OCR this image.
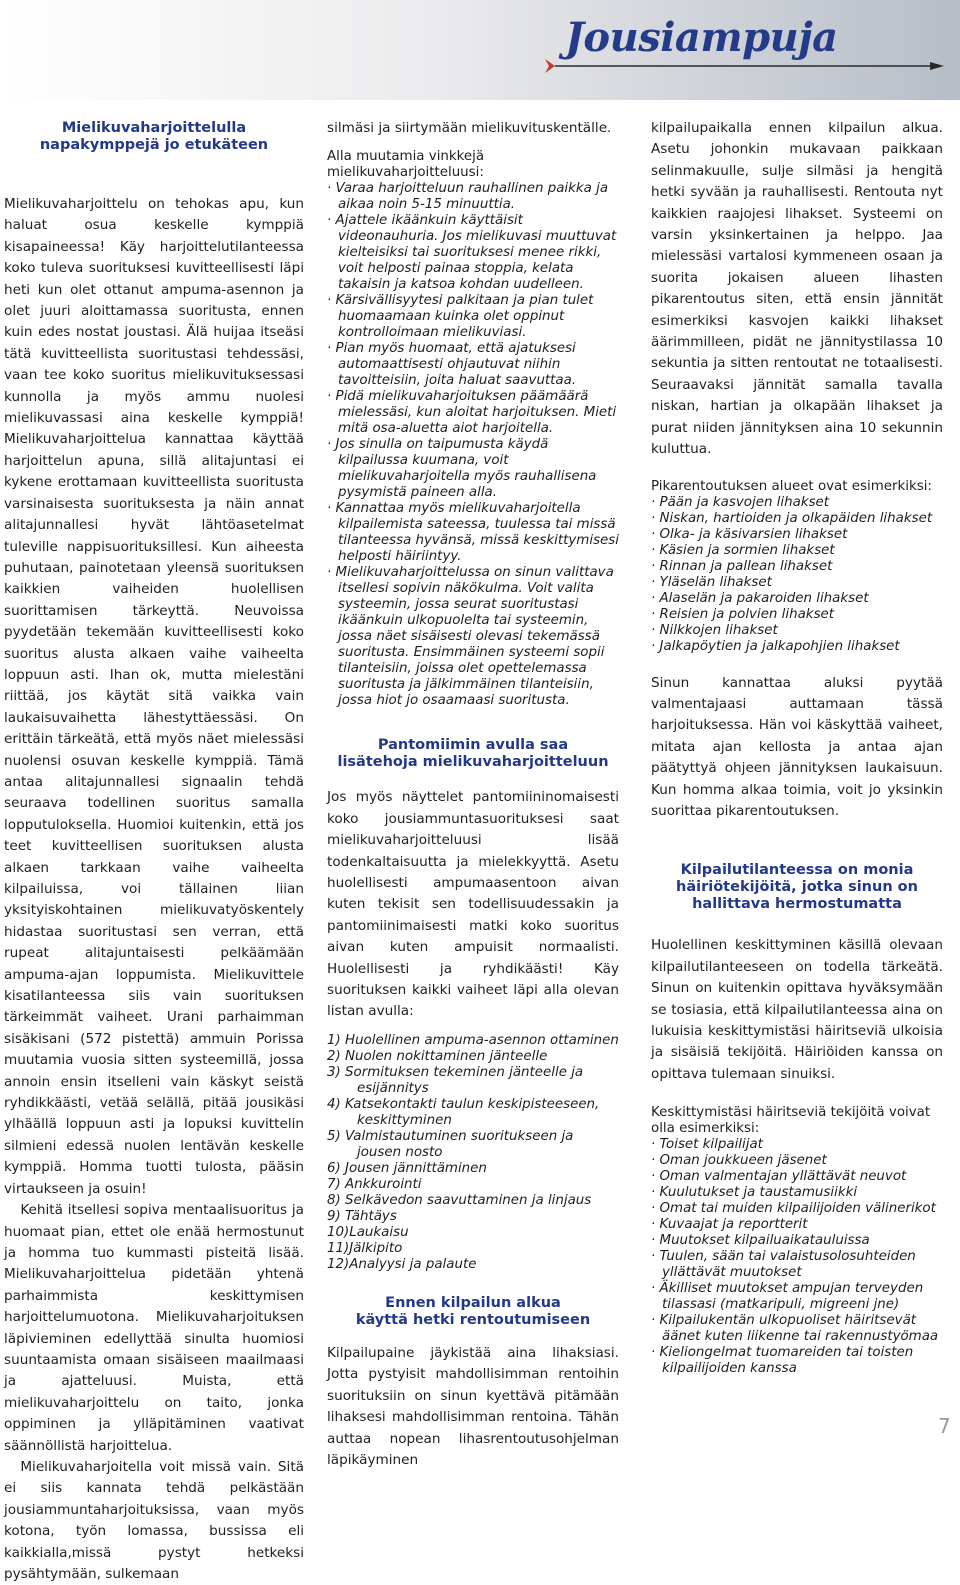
Jousiampuja
Mielikuvaharjoittelulla
napakymppejä jo etukäteen

Mielikuvaharjoittelu on tehokas apu, kun haluat osua keskelle kymppiä kisapaineessa! Käy harjoittelutilanteessa koko tuleva suorituksesi kuvitteellisesti läpi heti kun olet ottanut ampuma-asennon ja olet juuri aloittamassa suoritusta, ennen kuin edes nostat joustasi. Älä huijaa itseäsi tätä kuvitteellista suoritustasi tehdessäsi, vaan tee koko suoritus mielikuvituksessasi kunnolla ja myös ammu nuolesi mielikuvassasi aina keskelle kymppiä! Mielikuvaharjoittelua kannattaa käyttää harjoittelun apuna, sillä alitajuntasi ei kykene erottamaan kuvitteellista suoritusta varsinaisesta suorituksesta ja näin annat alitajunnallesi hyvät lähtöasetelmat tuleville nappisuorituksillesi. Kun aiheesta puhutaan, painotetaan yleensä suorituksen kaikkien vaiheiden huolellisen suorittamisen tärkeyttä. Neuvoissa pyydetään tekemään kuvitteellisesti koko suoritus alusta alkaen vaihe vaiheelta loppuun asti. Ihan ok, mutta mielestäni riittää, jos käytät sitä vaikka vain laukaisuvaihetta lähestyttäessäsi. On erittäin tärkeätä, että myös näet mielessäsi nuolensi osuvan keskelle kymppiä. Tämä antaa alitajunnallesi signaalin tehdä seuraava todellinen suoritus samalla lopputuloksella. Huomioi kuitenkin, että jos teet kuvitteellisen suorituksen alusta alkaen tarkkaan vaihe vaiheelta kilpailuissa, voi tällainen liian yksityiskohtainen mielikuvatyöskentely hidastaa suoritustasi sen verran, että rupeat alitajuntaisesti pelkäämään ampuma-ajan loppumista. Mielikuvittele kisatilanteessa siis vain suorituksen tärkeimmät vaiheet. Urani parhaimman sisäkisani (572 pistettä) ammuin Porissa muutamia vuosia sitten systeemillä, jossa annoin ensin itselleni vain käskyt seistä ryhdikkäästi, vetää selällä, pitää jousikäsi ylhäällä loppuun asti ja lopuksi kuvittelin silmieni edessä nuolen lentävän keskelle kymppiä. Homma tuotti tulosta, pääsin virtaukseen ja osuin!

Kehitä itsellesi sopiva mentaalisuoritus ja huomaat pian, ettet ole enää hermostunut ja homma tuo kummasti pisteitä lisää. Mielikuvaharjoittelua pidetään yhtenä parhaimmista keskittymisen harjoittelumuotona. Mielikuvaharjoituksen läpivieminen edellyttää sinulta huomiosi suuntaamista omaan sisäiseen maailmaasi ja ajatteluusi. Muista, että mielikuvaharjoittelu on taito, jonka oppiminen ja ylläpitäminen vaativat säännöllistä harjoittelua.

Mielikuvaharjoitella voit missä vain. Sitä ei siis kannata tehdä pelkästään jousiammuntaharjoituksissa, vaan myös kotona, työn lomassa, bussissa eli kaikkialla,missä pystyt hetkeksi pysähtymään, sulkemaan

silmäsi ja siirtymään mielikuvituskentälle.

Alla muutamia vinkkejä mielikuvaharjoitteluusi:

· Varaa harjoitteluun rauhallinen paikka ja aikaa noin 5-15 minuuttia.

· Ajattele ikäänkuin käyttäisit videonauhuria. Jos mielikuvasi muuttuvat kielteisiksi tai suorituksesi menee rikki, voit helposti painaa stoppia, kelata takaisin ja katsoa kohdan uudelleen.

· Kärsivällisyytesi palkitaan ja pian tulet huomaamaan kuinka olet oppinut kontrolloimaan mielikuviasi.

· Pian myös huomaat, että ajatuksesi automaattisesti ohjautuvat niihin tavoitteisiin, joita haluat saavuttaa.

· Pidä mielikuvaharjoituksen päämäärä mielessäsi, kun aloitat harjoituksen. Mieti mitä osa-aluetta aiot harjoitella.

· Jos sinulla on taipumusta käydä kilpailussa kuumana, voit mielikuvaharjoitella myös rauhallisena pysymistä paineen alla.

· Kannattaa myös mielikuvaharjoitella kilpailemista sateessa, tuulessa tai missä tilanteessa hyvänsä, missä keskittymisesi helposti häiriintyy.

· Mielikuvaharjoittelussa on sinun valittava itsellesi sopivin näkökulma. Voit valita systeemin, jossa seurat suoritustasi ikäänkuin ulkopuolelta tai systeemin, jossa näet sisäisesti olevasi tekemässä suoritusta. Ensimmäinen systeemi sopii tilanteisiin, joissa olet opettelemassa suoritusta ja jälkimmäinen tilanteisiin, jossa hiot jo osaamaasi suoritusta.

Pantomiimin avulla saa
lisätehoja mielikuvaharjoitteluun

Jos myös näyttelet pantomiininomaisesti koko jousiammuntasuorituksesi saat mielikuvaharjoitteluusi lisää todenkaltaisuutta ja mielekkyyttä. Asetu huolellisesti ampumaasentoon aivan kuten tekisit sen todellisuudessakin ja pantomiinimaisesti matki koko suoritus aivan kuten ampuisit normaalisti. Huolellisesti ja ryhdikäästi! Käy suorituksen kaikki vaiheet läpi alla olevan listan avulla:

1) Huolellinen ampuma-asennon ottaminen

2) Nuolen nokittaminen jänteelle

3) Sormituksen tekeminen jänteelle ja esijännitys

4) Katsekontakti taulun keskipisteeseen, keskittyminen

5) Valmistautuminen suoritukseen ja jousen nosto

6) Jousen jännittäminen

7) Ankkurointi

8) Selkävedon saavuttaminen ja linjaus

9) Tähtäys

10)Laukaisu

11)Jälkipito

12)Analyysi ja palaute

Ennen kilpailun alkua
käyttä hetki rentoutumiseen

Kilpailupaine jäykistää aina lihaksiasi. Jotta pystyisit mahdollisimman rentoihin suorituksiin on sinun kyettävä pitämään lihaksesi mahdollisimman rentoina. Tähän auttaa nopean lihasrentoutusohjelman läpikäyminen

kilpailupaikalla ennen kilpailun alkua. Asetu johonkin mukavaan paikkaan selinmakuulle, sulje silmäsi ja hengitä hetki syvään ja rauhallisesti. Rentouta nyt kaikkien raajojesi lihakset. Systeemi on varsin yksinkertainen ja helppo. Jaa mielessäsi vartalosi kymmeneen osaan ja suorita jokaisen alueen lihasten pikarentoutus siten, että ensin jännität esimerkiksi kasvojen kaikki lihakset äärimmilleen, pidät ne jännitystilassa 10 sekuntia ja sitten rentoutat ne totaalisesti. Seuraavaksi jännität samalla tavalla niskan, hartian ja olkapään lihakset ja purat niiden jännityksen aina 10 sekunnin kuluttua.

Pikarentoutuksen alueet ovat esimerkiksi:

· Pään ja kasvojen lihakset

· Niskan, hartioiden ja olkapäiden lihakset

· Olka- ja käsivarsien lihakset

· Käsien ja sormien lihakset

· Rinnan ja pallean lihakset

· Yläselän lihakset

· Alaselän ja pakaroiden lihakset

· Reisien ja polvien lihakset

· Nilkkojen lihakset

· Jalkapöytien ja jalkapohjien lihakset

Sinun kannattaa aluksi pyytää valmentajaasi auttamaan tässä harjoituksessa. Hän voi käskyttää vaiheet, mitata ajan kellosta ja antaa ajan päätyttyä ohjeen jännityksen laukaisuun. Kun homma alkaa toimia, voit jo yksinkin suorittaa pikarentoutuksen.

Kilpailutilanteessa on monia
häiriötekijöitä, jotka sinun on
hallittava hermostumatta

Huolellinen keskittyminen käsillä olevaan kilpailutilanteeseen on todella tärkeätä. Sinun on kuitenkin opittava hyväksymään se tosiasia, että kilpailutilanteessa aina on lukuisia keskittymistäsi häiritseviä ulkoisia ja sisäisiä tekijöitä. Häiriöiden kanssa on opittava tulemaan sinuiksi.

Keskittymistäsi häiritseviä tekijöitä voivat olla esimerkiksi:

· Toiset kilpailijat

· Oman joukkueen jäsenet

· Oman valmentajan yllättävät neuvot

· Kuulutukset ja taustamusiikki

· Omat tai muiden kilpailijoiden välinerikot

· Kuvaajat ja reportterit

· Muutokset kilpailuaikatauluissa

· Tuulen, sään tai valaistusolosuhteiden yllättävät muutokset

· Äkilliset muutokset ampujan terveyden tilassasi (matkaripuli, migreeni jne)

· Kilpailukentän ulkopuoliset häiritsevät äänet kuten liikenne tai rakennustyömaa

· Kieliongelmat tuomareiden tai toisten kilpailijoiden kanssa

7
